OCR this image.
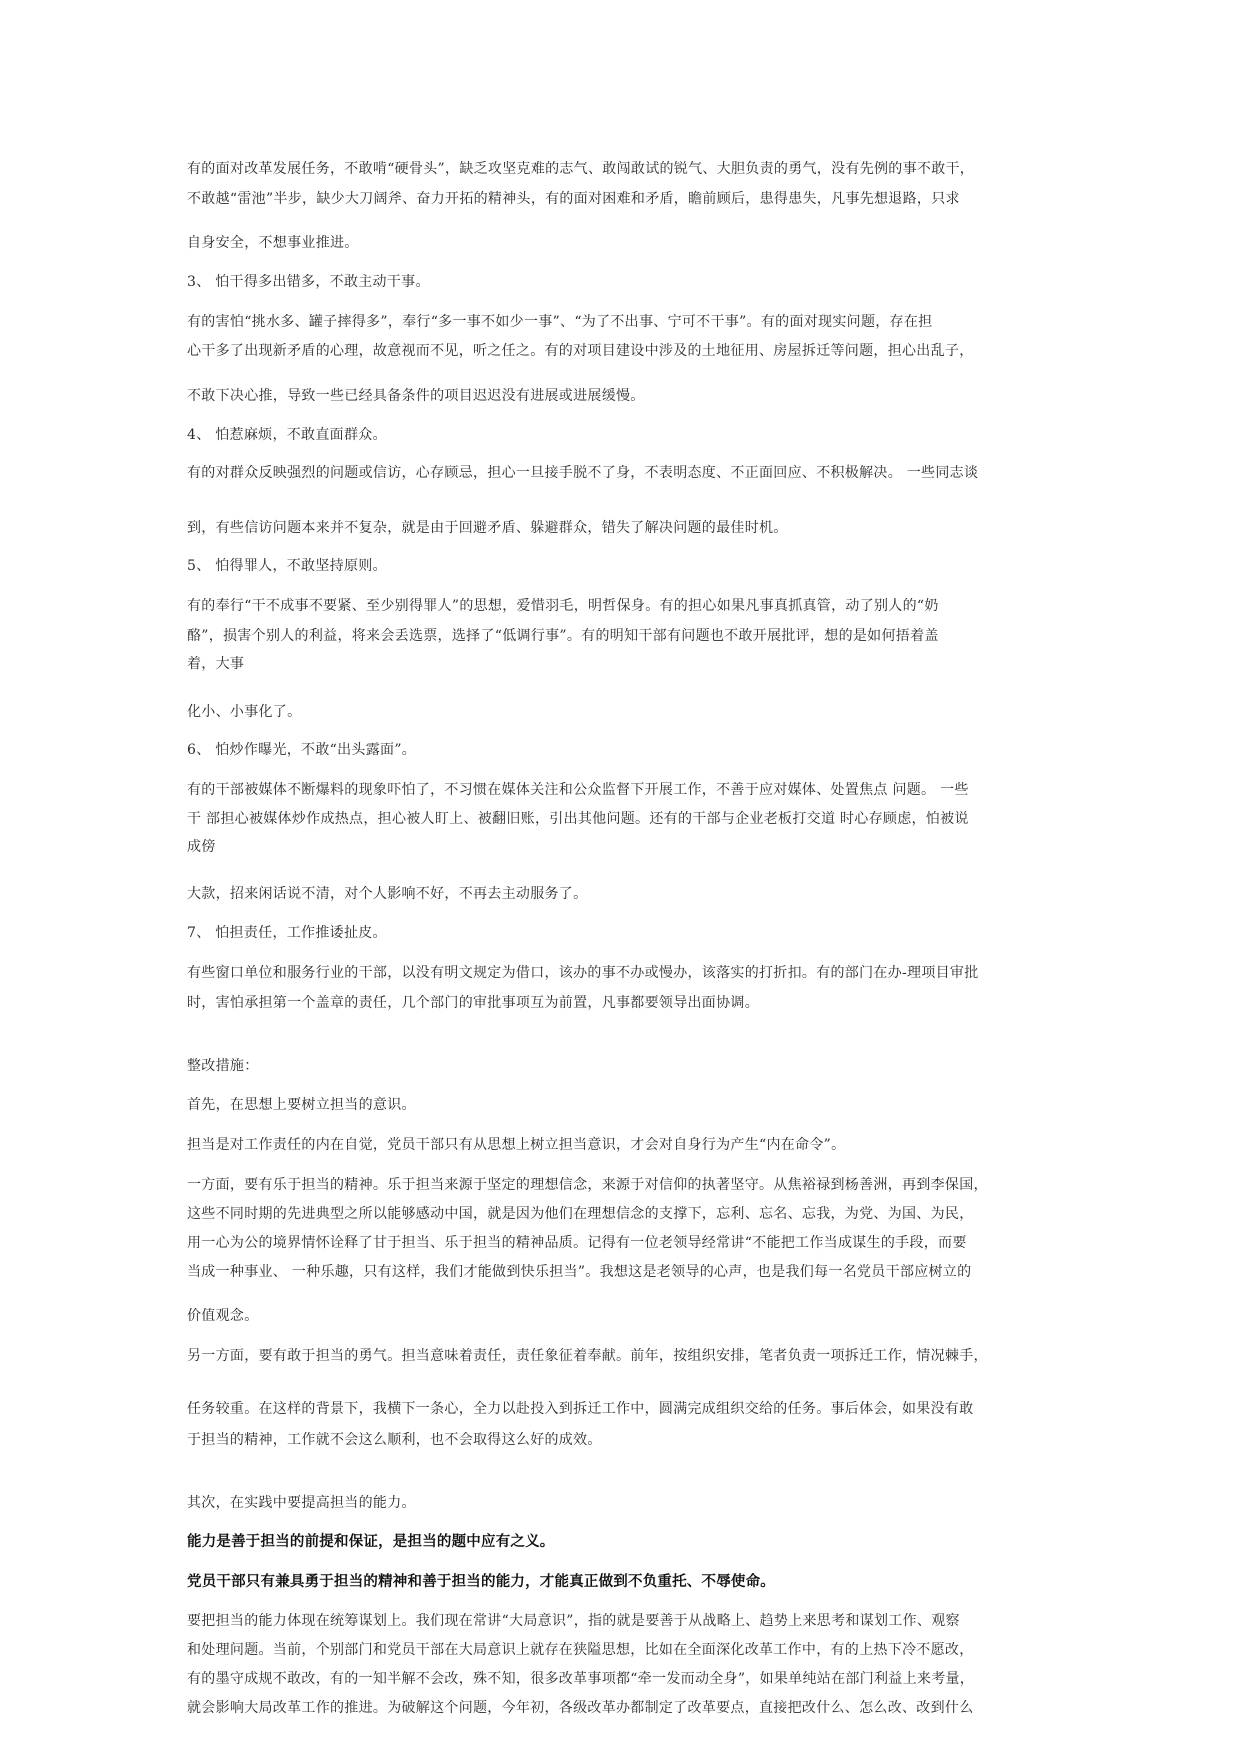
有的面对改革发展任务，不敢啃“硬骨头”，缺乏攻坚克难的志气、敢闯敢试的锐气、大胆负责的勇气，没有先例的事不敢干，
不敢越“雷池”半步，缺少大刀阔斧、奋力开拓的精神头，有的面对困难和矛盾，瞻前顾后，患得患失，凡事先想退路，只求
自身安全，不想事业推进。
3、 怕干得多出错多，不敢主动干事。
有的害怕“挑水多、罐子摔得多”，奉行“多一事不如少一事”、“为了不出事、宁可不干事”。有的面对现实问题，存在担
心干多了出现新矛盾的心理，故意视而不见，听之任之。有的对项目建设中涉及的土地征用、房屋拆迁等问题，担心出乱子，
不敢下决心推，导致一些已经具备条件的项目迟迟没有进展或进展缓慢。
4、 怕惹麻烦，不敢直面群众。
有的对群众反映强烈的问题或信访，心存顾忌，担心一旦接手脱不了身，不表明态度、不正面回应、不积极解决。 一些同志谈
到，有些信访问题本来并不复杂，就是由于回避矛盾、躲避群众，错失了解决问题的最佳时机。
5、 怕得罪人，不敢坚持原则。
有的奉行“干不成事不要紧、至少别得罪人”的思想，爱惜羽毛，明哲保身。有的担心如果凡事真抓真管，动了别人的“奶
酪”，损害个别人的利益，将来会丢选票，选择了“低调行事”。有的明知干部有问题也不敢开展批评，想的是如何捂着盖
着，大事
化小、小事化了。
6、 怕炒作曝光，不敢“出头露面”。
有的干部被媒体不断爆料的现象吓怕了，不习惯在媒体关注和公众监督下开展工作，不善于应对媒体、处置焦点 问题。 一些
干 部担心被媒体炒作成热点，担心被人盯上、被翻旧账，引出其他问题。还有的干部与企业老板打交道 时心存顾虑，怕被说
成傍
大款，招来闲话说不清，对个人影响不好，不再去主动服务了。
7、 怕担责任，工作推诿扯皮。
有些窗口单位和服务行业的干部，以没有明文规定为借口，该办的事不办或慢办，该落实的打折扣。有的部门在办-理项目审批
时，害怕承担第一个盖章的责任，几个部门的审批事项互为前置，凡事都要领导出面协调。
整改措施：
首先，在思想上要树立担当的意识。
担当是对工作责任的内在自觉，党员干部只有从思想上树立担当意识，才会对自身行为产生“内在命令”。
一方面，要有乐于担当的精神。乐于担当来源于坚定的理想信念，来源于对信仰的执著坚守。从焦裕禄到杨善洲，再到李保国，
这些不同时期的先进典型之所以能够感动中国，就是因为他们在理想信念的支撑下，忘利、忘名、忘我，为党、为国、为民，
用一心为公的境界情怀诠释了甘于担当、乐于担当的精神品质。记得有一位老领导经常讲“不能把工作当成谋生的手段，而要
当成一种事业、 一种乐趣，只有这样，我们才能做到快乐担当”。我想这是老领导的心声，也是我们每一名党员干部应树立的
价值观念。
另一方面，要有敢于担当的勇气。担当意味着责任，责任象征着奉献。前年，按组织安排，笔者负责一项拆迁工作，情况棘手，
任务较重。在这样的背景下，我横下一条心，全力以赴投入到拆迁工作中，圆满完成组织交给的任务。事后体会，如果没有敢
于担当的精神，工作就不会这么顺利，也不会取得这么好的成效。
其次，在实践中要提高担当的能力。
能力是善于担当的前提和保证，是担当的题中应有之义。
党员干部只有兼具勇于担当的精神和善于担当的能力，才能真正做到不负重托、不辱使命。
要把担当的能力体现在统筹谋划上。我们现在常讲“大局意识”，指的就是要善于从战略上、趋势上来思考和谋划工作、观察
和处理问题。当前，个别部门和党员干部在大局意识上就存在狭隘思想，比如在全面深化改革工作中，有的上热下冷不愿改，
有的墨守成规不敢改，有的一知半解不会改，殊不知，很多改革事项都“牵一发而动全身”，如果单纯站在部门利益上来考量，
就会影响大局改革工作的推进。为破解这个问题，今年初，各级改革办都制定了改革要点，直接把改什么、怎么改、改到什么
